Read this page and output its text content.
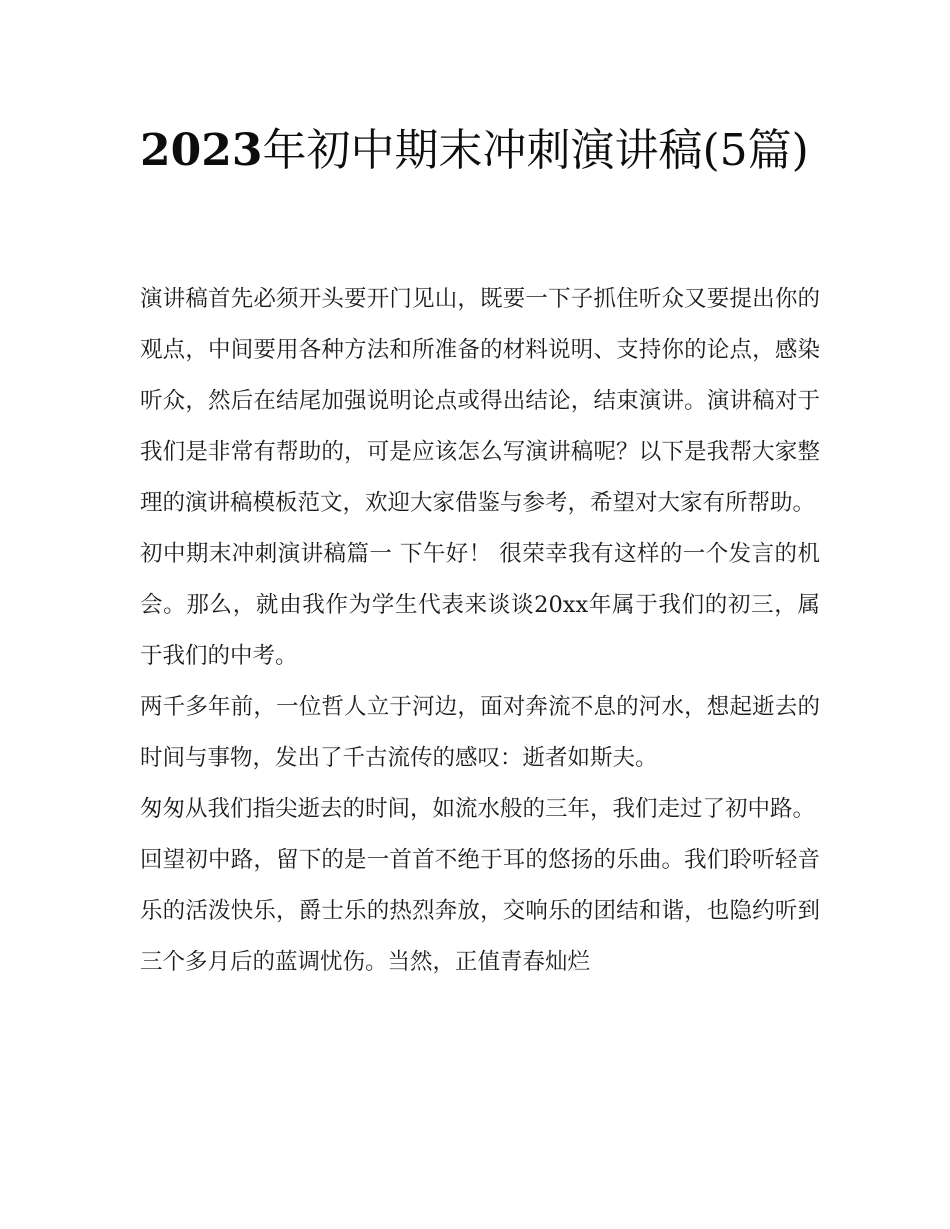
2023年初中期末冲刺演讲稿(5篇)

演讲稿首先必须开头要开门见山，既要一下子抓住听众又要提出你的观点，中间要用各种方法和所准备的材料说明、支持你的论点，感染听众，然后在结尾加强说明论点或得出结论，结束演讲。演讲稿对于我们是非常有帮助的，可是应该怎么写演讲稿呢？以下是我帮大家整理的演讲稿模板范文，欢迎大家借鉴与参考，希望对大家有所帮助。

初中期末冲刺演讲稿篇一 下午好！ 很荣幸我有这样的一个发言的机会。那么，就由我作为学生代表来谈谈20xx年属于我们的初三，属于我们的中考。

两千多年前，一位哲人立于河边，面对奔流不息的河水，想起逝去的时间与事物，发出了千古流传的感叹：逝者如斯夫。

匆匆从我们指尖逝去的时间，如流水般的三年，我们走过了初中路。

回望初中路，留下的是一首首不绝于耳的悠扬的乐曲。我们聆听轻音乐的活泼快乐，爵士乐的热烈奔放，交响乐的团结和谐，也隐约听到三个多月后的蓝调忧伤。当然，正值青春灿烂
